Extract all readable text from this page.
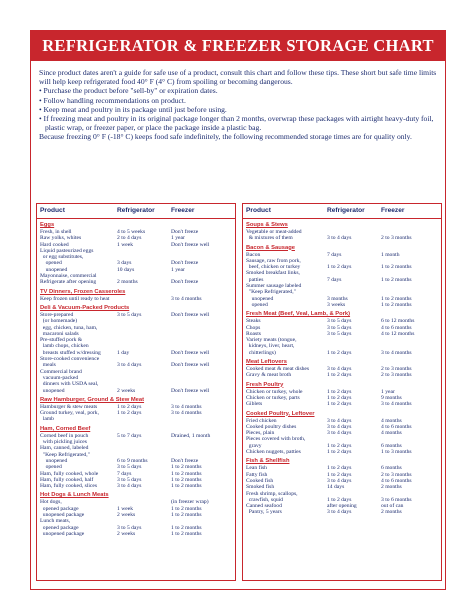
REFRIGERATOR & FREEZER STORAGE CHART

Since product dates aren't a guide for safe use of a product, consult this chart and follow these tips. These short but safe time limits will help keep refrigerated food 40° F (4° C) from spoiling or becoming dangerous.

• Purchase the product before "sell-by" or expiration dates.
• Follow handling recommendations on product.
• Keep meat and poultry in its package until just before using.
• If freezing meat and poultry in its original package longer than 2 months, overwrap these packages with airtight heavy-duty foil, plastic wrap, or freezer paper, or place the package inside a plastic bag.

Because freezing 0° F (-18° C) keeps food safe indefinitely, the following recommended storage times are for quality only.

Product	Refrigerator Freezer
Eggs
Fresh, in shell	4 to 5 weeks	Don't freeze
Raw yolks, whites	2 to 4 days	1 year
Hard cooked	1 week	Don't freeze well
Liquid pasteurized eggs
or egg substitutes,
opened	3 days	Don't freeze
unopened	10 days	1 year
Mayonnaise, commercial
Refrigerate after opening	2 months	Don't freeze
TV Dinners, Frozen Casseroles
Keep frozen until ready to heat	3 to 4 months
Deli & Vacuum-Packed Products
Store-prepared	3 to 5 days	Don't freeze well
(or homemade)
egg, chicken, tuna, ham,
macaroni salads
Pre-stuffed pork &
lamb chops, chicken
breasts stuffed w/dressing	1 day	Don't freeze well
Store-cooked convenience
meals	3 to 4 days	Don't freeze well
Commercial brand
vacuum-packed
dinners with USDA seal,
unopened	2 weeks	Don't freeze well
Raw Hamburger, Ground & Stew Meat
Hamburger & stew meats	1 to 2 days	3 to 4 months
Ground turkey, veal, pork,	1 to 2 days	3 to 4 months
lamb
Ham, Corned Beef
Corned beef in pouch	5 to 7 days	Drained, 1 month
with pickling juices
Ham, canned, labeled
"Keep Refrigerated,"
unopened	6 to 9 months	Don't freeze
opened	3 to 5 days	1 to 2 months
Ham, fully cooked, whole	7 days	1 to 2 months
Ham, fully cooked, half	3 to 5 days	1 to 2 months
Ham, fully cooked, slices	3 to 4 days	1 to 2 months
Hot Dogs & Lunch Meats
(in freezer wrap)
Hot dogs,
opened package	1 week	1 to 2 months
unopened package	2 weeks	1 to 2 months
Lunch meats,
opened package	3 to 5 days	1 to 2 months
unopened package	2 weeks	1 to 2 months
Product	Refrigerator Freezer
Soups & Stews
Vegetable or meat-added
& mixtures of them	3 to 4 days	2 to 3 months
Bacon & Sausage
Bacon	7 days	1 month
Sausage, raw from pork,
beef, chicken or turkey	1 to 2 days	1 to 2 months
Smoked breakfast links,
patties	7 days	1 to 2 months
Summer sausage labeled
"Keep Refrigerated,"
unopened	3 months	1 to 2 months
opened	3 weeks	1 to 2 months
Fresh Meat (Beef, Veal, Lamb, & Pork)
Steaks	3 to 5 days	6 to 12 months
Chops	3 to 5 days	4 to 6 months
Roasts	3 to 5 days	4 to 12 months
Variety meats (tongue,
kidneys, liver, heart,
chitterlings)	1 to 2 days	3 to 4 months
Meat Leftovers
Cooked meat & meat dishes	3 to 4 days	2 to 3 months
Gravy & meat broth	1 to 2 days	2 to 3 months
Fresh Poultry
Chicken or turkey, whole	1 to 2 days	1 year
Chicken or turkey, parts	1 to 2 days	9 months
Giblets	1 to 2 days	3 to 4 months
Cooked Poultry, Leftover
Fried chicken	3 to 4 days	4 months
Cooked poultry dishes	3 to 4 days	4 to 6 months
Pieces, plain	3 to 4 days	4 months
Pieces covered with broth,
gravy	1 to 2 days	6 months
Chicken nuggets, patties	1 to 2 days	1 to 3 months
Fish & Shellfish
Lean fish	1 to 2 days	6 months
Fatty fish	1 to 2 days	2 to 3 months
Cooked fish	3 to 4 days	4 to 6 months
Smoked fish	14 days	2 months
Fresh shrimp, scallops,
crawfish, squid	1 to 2 days	3 to 6 months
Canned seafood	after opening	out of can
Pantry, 5 years	3 to 4 days	2 months
